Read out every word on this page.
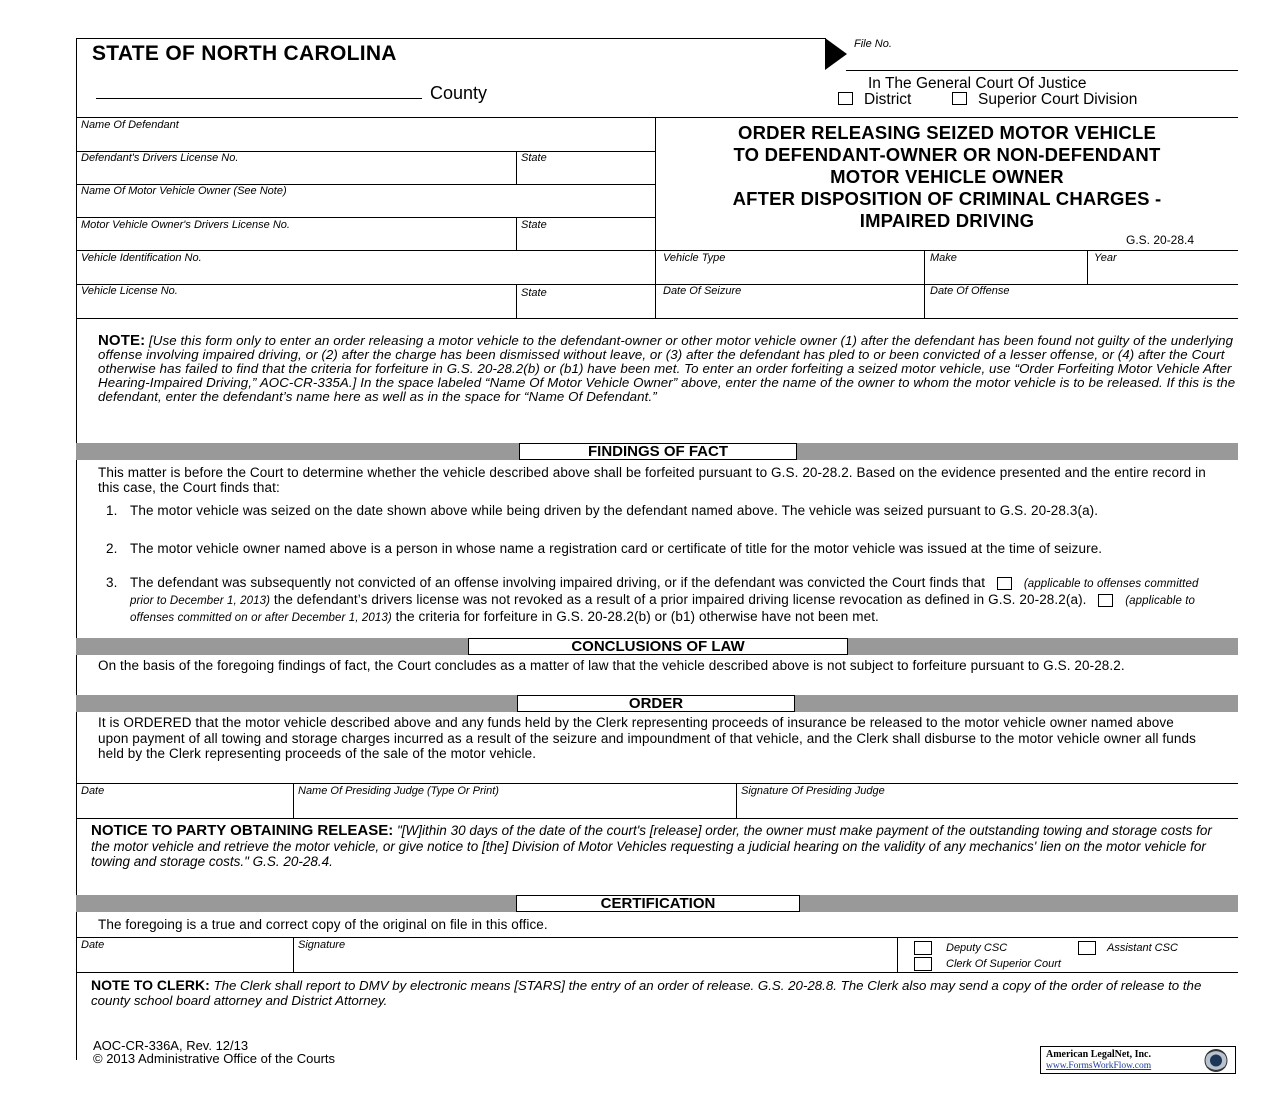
STATE OF NORTH CAROLINA
County
File No.
In The General Court Of Justice
District	Superior Court Division
Name Of Defendant
Defendant's Drivers License No.	State
Name Of Motor Vehicle Owner (See Note)
Motor Vehicle Owner's Drivers License No.	State
Vehicle Identification No.	Vehicle Type	Make	Year
Vehicle License No.	State	Date Of Seizure	Date Of Offense
ORDER RELEASING SEIZED MOTOR VEHICLE
TO DEFENDANT-OWNER OR NON-DEFENDANT
MOTOR VEHICLE OWNER
AFTER DISPOSITION OF CRIMINAL CHARGES -
IMPAIRED DRIVING
G.S. 20-28.4
NOTE: [Use this form only to enter an order releasing a motor vehicle to the defendant-owner or other motor vehicle owner (1) after the defendant has been found not guilty of the underlying offense involving impaired driving, or (2) after the charge has been dismissed without leave, or (3) after the defendant has pled to or been convicted of a lesser offense, or (4) after the Court otherwise has failed to find that the criteria for forfeiture in G.S. 20-28.2(b) or (b1) have been met. To enter an order forfeiting a seized motor vehicle, use “Order Forfeiting Motor Vehicle After Hearing-Impaired Driving,” AOC-CR-335A.] In the space labeled “Name Of Motor Vehicle Owner” above, enter the name of the owner to whom the motor vehicle is to be released. If this is the defendant, enter the defendant’s name here as well as in the space for “Name Of Defendant.”
FINDINGS OF FACT
This matter is before the Court to determine whether the vehicle described above shall be forfeited pursuant to G.S. 20-28.2. Based on the evidence presented and the entire record in this case, the Court finds that:
1. The motor vehicle was seized on the date shown above while being driven by the defendant named above. The vehicle was seized pursuant to G.S. 20-28.3(a).
2. The motor vehicle owner named above is a person in whose name a registration card or certificate of title for the motor vehicle was issued at the time of seizure.
3. The defendant was subsequently not convicted of an offense involving impaired driving, or if the defendant was convicted the Court finds that	(applicable to offenses committed prior to December 1, 2013) the defendant’s drivers license was not revoked as a result of a prior impaired driving license revocation as defined in G.S. 20-28.2(a).	(applicable to offenses committed on or after December 1, 2013) the criteria for forfeiture in G.S. 20-28.2(b) or (b1) otherwise have not been met.
CONCLUSIONS OF LAW
On the basis of the foregoing findings of fact, the Court concludes as a matter of law that the vehicle described above is not subject to forfeiture pursuant to G.S. 20-28.2.
ORDER
It is ORDERED that the motor vehicle described above and any funds held by the Clerk representing proceeds of insurance be released to the motor vehicle owner named above upon payment of all towing and storage charges incurred as a result of the seizure and impoundment of that vehicle, and the Clerk shall disburse to the motor vehicle owner all funds held by the Clerk representing proceeds of the sale of the motor vehicle.
Date	Name Of Presiding Judge (Type Or Print)	Signature Of Presiding Judge
NOTICE TO PARTY OBTAINING RELEASE: "[W]ithin 30 days of the date of the court's [release] order, the owner must make payment of the outstanding towing and storage costs for the motor vehicle and retrieve the motor vehicle, or give notice to [the] Division of Motor Vehicles requesting a judicial hearing on the validity of any mechanics' lien on the motor vehicle for towing and storage costs." G.S. 20-28.4.
CERTIFICATION
The foregoing is a true and correct copy of the original on file in this office.
Date	Signature	Deputy CSC	Assistant CSC
Clerk Of Superior Court
NOTE TO CLERK: The Clerk shall report to DMV by electronic means [STARS] the entry of an order of release. G.S. 20-28.8. The Clerk also may send a copy of the order of release to the county school board attorney and District Attorney.
AOC-CR-336A, Rev. 12/13
© 2013 Administrative Office of the Courts	American LegalNet, Inc.
www.FormsWorkFlow.com
